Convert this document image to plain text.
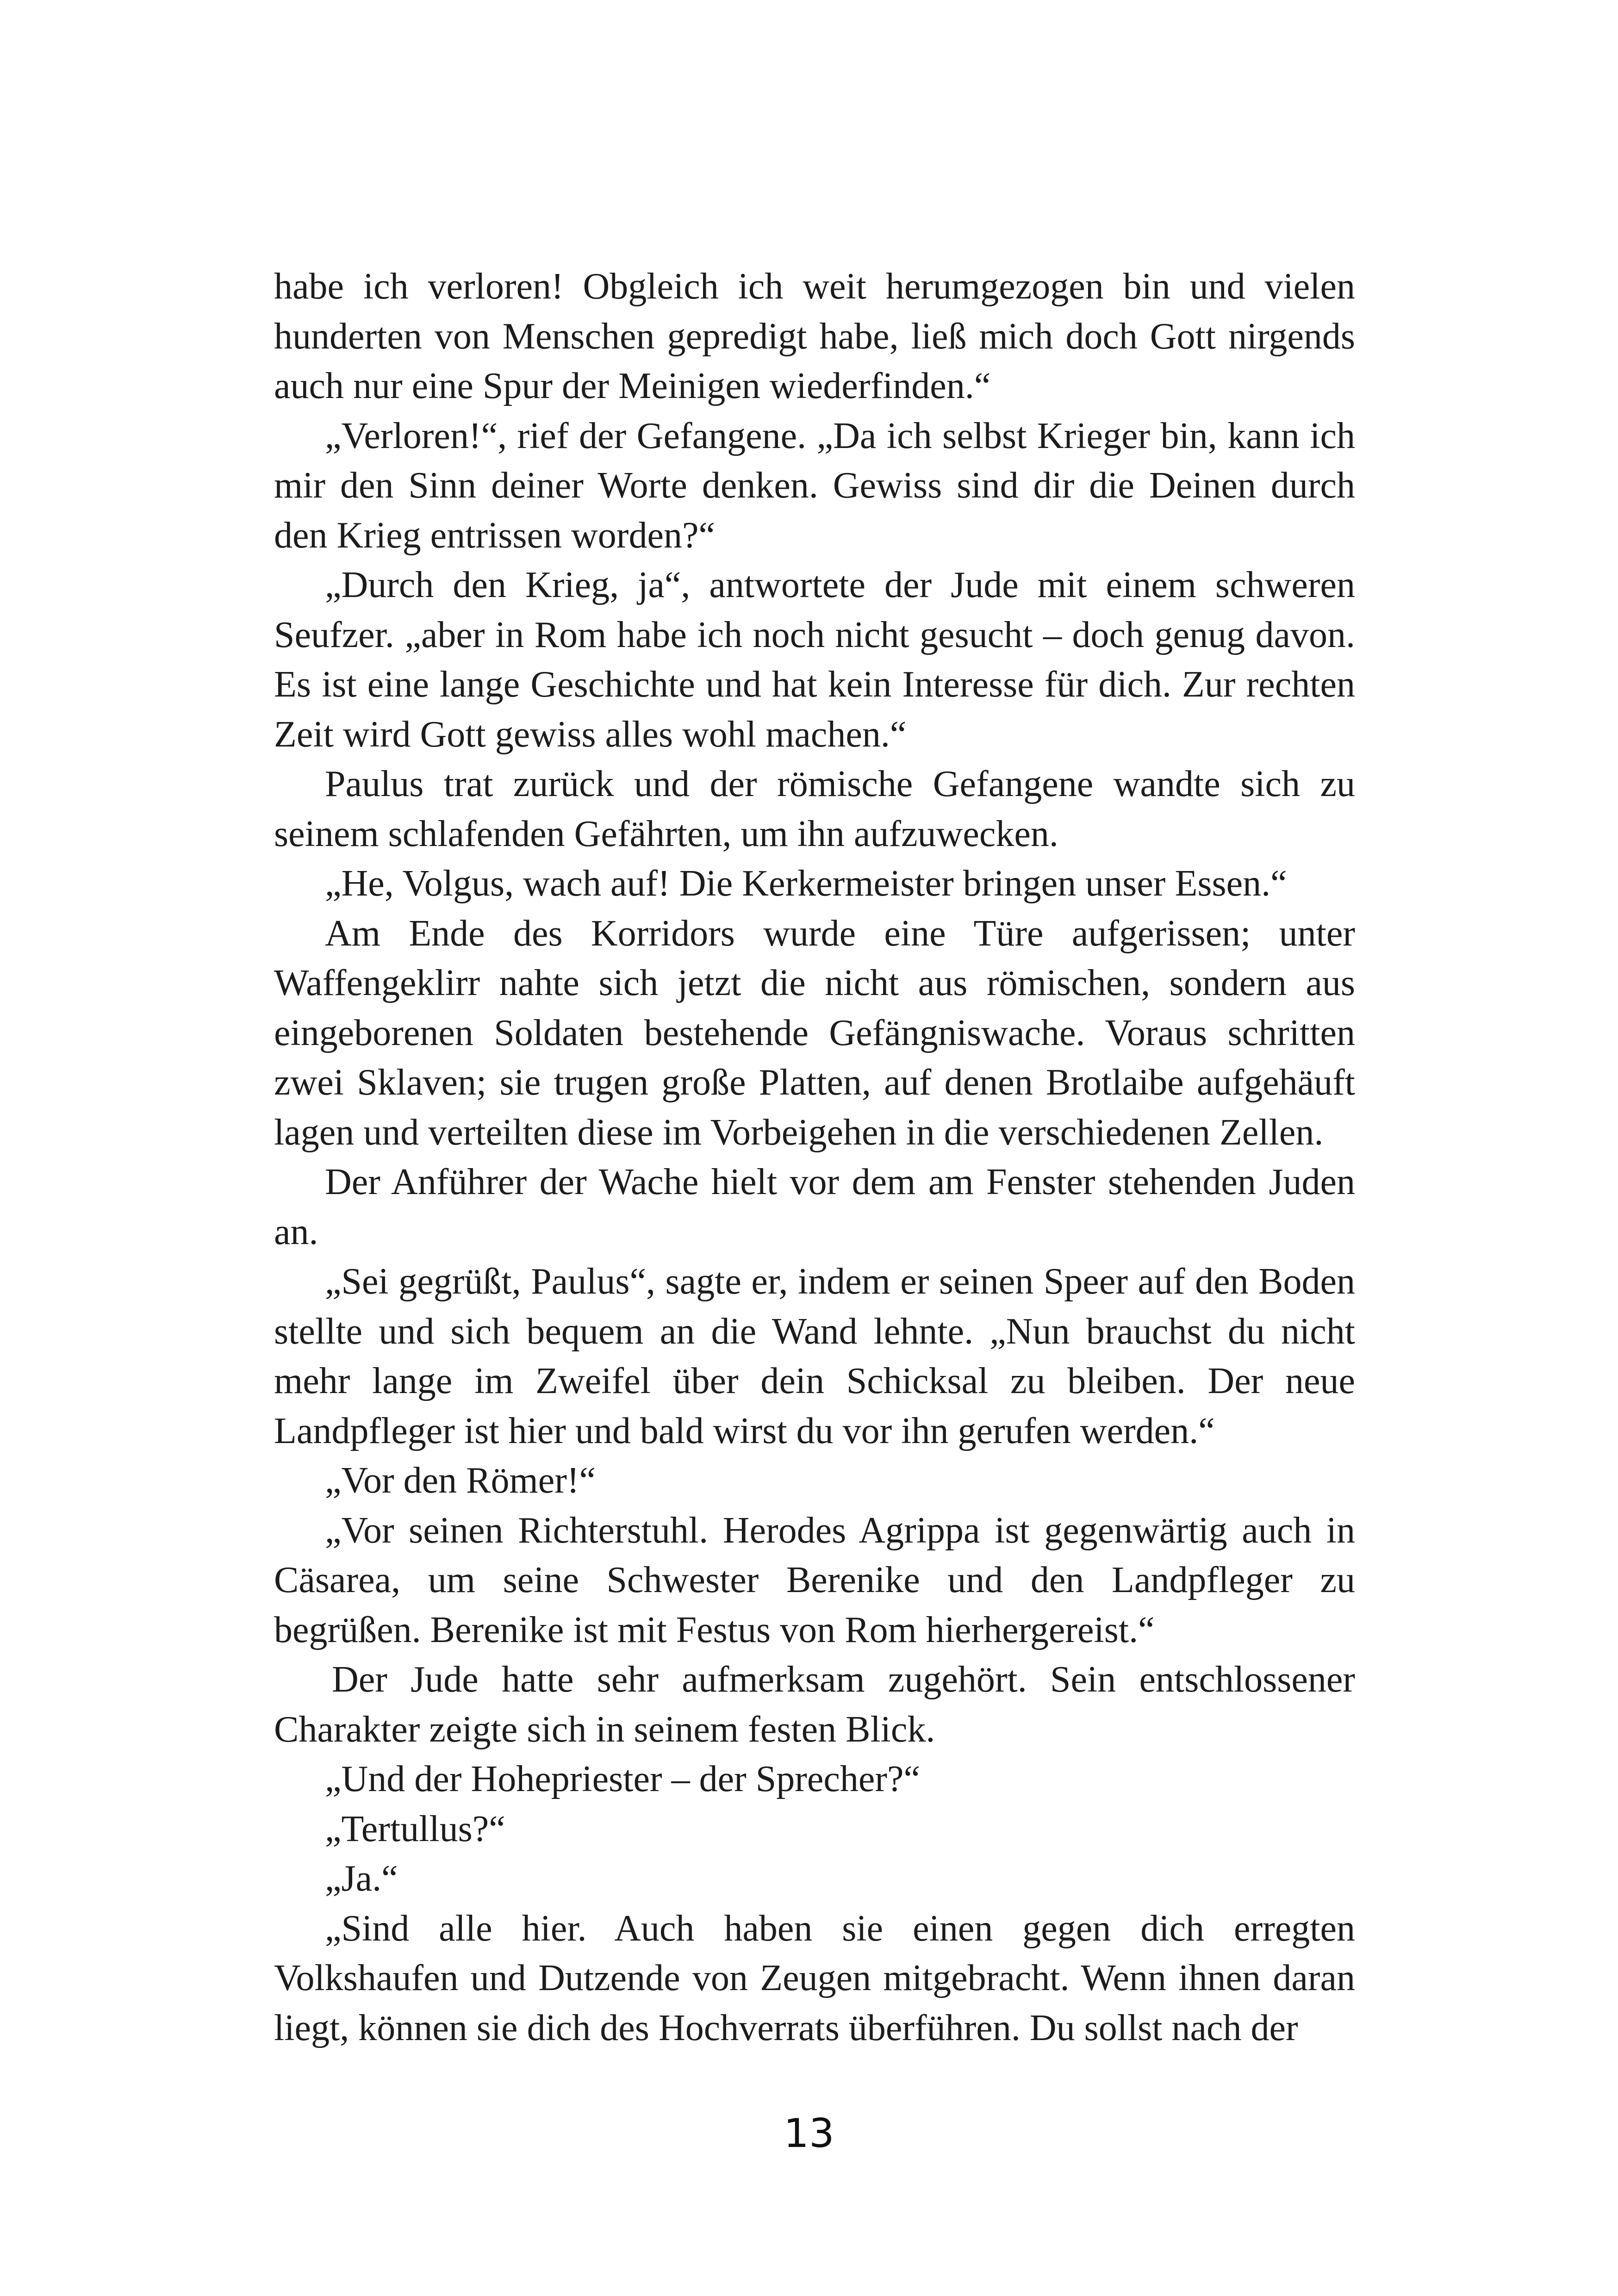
habe ich verloren! Obgleich ich weit herumgezogen bin und vielen hunderten von Menschen gepredigt habe, ließ mich doch Gott nirgends auch nur eine Spur der Meinigen wiederfinden.“

„Verloren!“, rief der Gefangene. „Da ich selbst Krieger bin, kann ich mir den Sinn deiner Worte denken. Gewiss sind dir die Deinen durch den Krieg entrissen worden?“

„Durch den Krieg, ja“, antwortete der Jude mit einem schweren Seufzer. „aber in Rom habe ich noch nicht gesucht – doch genug davon. Es ist eine lange Geschichte und hat kein Interesse für dich. Zur rechten Zeit wird Gott gewiss alles wohl machen.“

Paulus trat zurück und der römische Gefangene wandte sich zu seinem schlafenden Gefährten, um ihn aufzuwecken.

„He, Volgus, wach auf! Die Kerkermeister bringen unser Essen.“

Am Ende des Korridors wurde eine Türe aufgerissen; unter Waffengeklirr nahte sich jetzt die nicht aus römischen, sondern aus eingeborenen Soldaten bestehende Gefängniswache. Voraus schritten zwei Sklaven; sie trugen große Platten, auf denen Brotlaibe aufgehäuft lagen und verteilten diese im Vorbeigehen in die verschiedenen Zellen.

Der Anführer der Wache hielt vor dem am Fenster stehenden Juden an.

„Sei gegrüßt, Paulus“, sagte er, indem er seinen Speer auf den Boden stellte und sich bequem an die Wand lehnte. „Nun brauchst du nicht mehr lange im Zweifel über dein Schicksal zu bleiben. Der neue Landpfleger ist hier und bald wirst du vor ihn gerufen werden.“

„Vor den Römer!“

„Vor seinen Richterstuhl. Herodes Agrippa ist gegenwärtig auch in Cäsarea, um seine Schwester Berenike und den Landpfleger zu begrüßen. Berenike ist mit Festus von Rom hierhergereist.“

Der Jude hatte sehr aufmerksam zugehört. Sein entschlossener Charakter zeigte sich in seinem festen Blick.

„Und der Hohepriester – der Sprecher?“

„Tertullus?“

„Ja.“

„Sind alle hier. Auch haben sie einen gegen dich erregten Volkshaufen und Dutzende von Zeugen mitgebracht. Wenn ihnen daran liegt, können sie dich des Hochverrats überführen. Du sollst nach der

13
